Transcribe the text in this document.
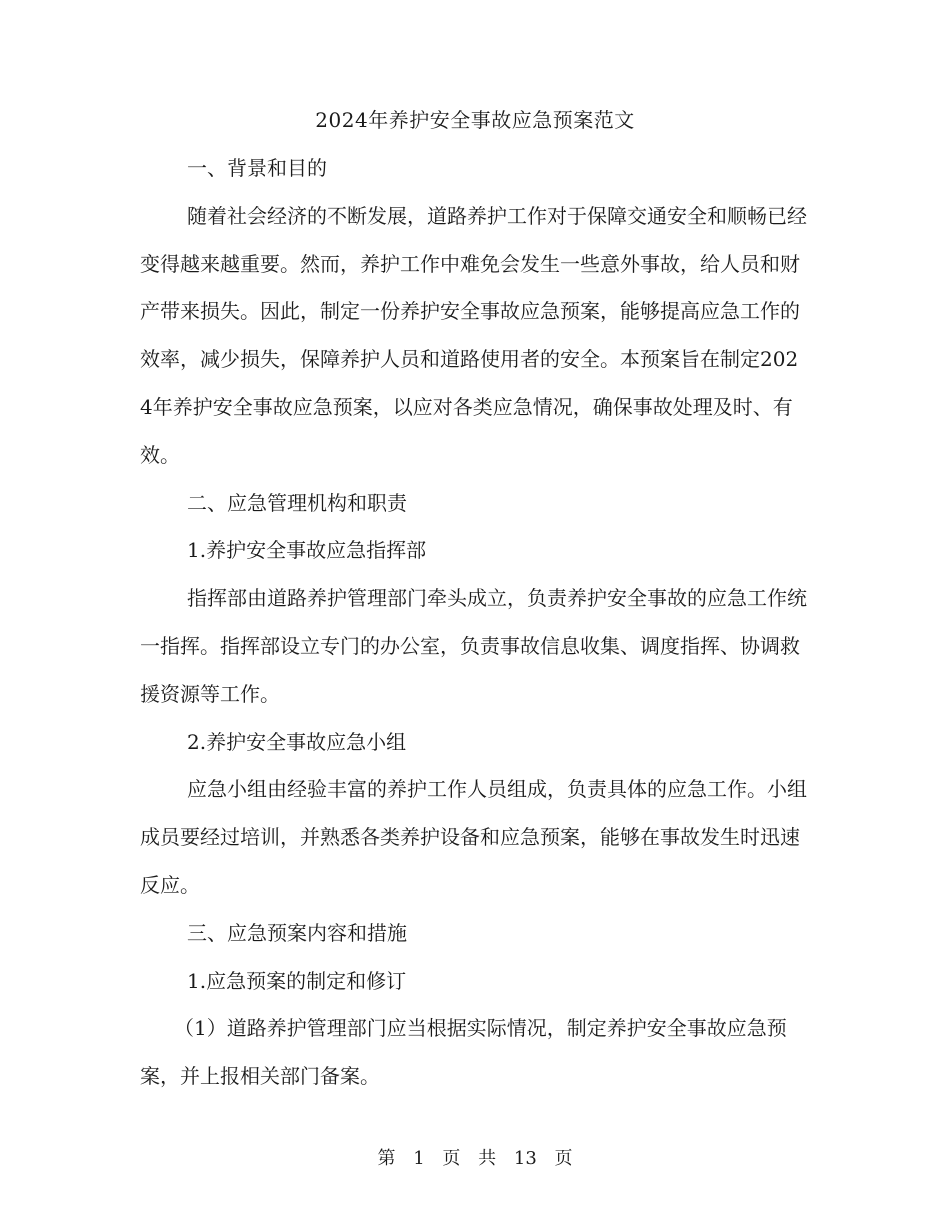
2024年养护安全事故应急预案范文

一、背景和目的

随着社会经济的不断发展，道路养护工作对于保障交通安全和顺畅已经变得越来越重要。然而，养护工作中难免会发生一些意外事故，给人员和财产带来损失。因此，制定一份养护安全事故应急预案，能够提高应急工作的效率，减少损失，保障养护人员和道路使用者的安全。本预案旨在制定2024年养护安全事故应急预案，以应对各类应急情况，确保事故处理及时、有效。

二、应急管理机构和职责

1.养护安全事故应急指挥部

指挥部由道路养护管理部门牵头成立，负责养护安全事故的应急工作统一指挥。指挥部设立专门的办公室，负责事故信息收集、调度指挥、协调救援资源等工作。

2.养护安全事故应急小组

应急小组由经验丰富的养护工作人员组成，负责具体的应急工作。小组成员要经过培训，并熟悉各类养护设备和应急预案，能够在事故发生时迅速反应。

三、应急预案内容和措施

1.应急预案的制定和修订

（1）道路养护管理部门应当根据实际情况，制定养护安全事故应急预案，并上报相关部门备案。

第 1 页 共 13 页
